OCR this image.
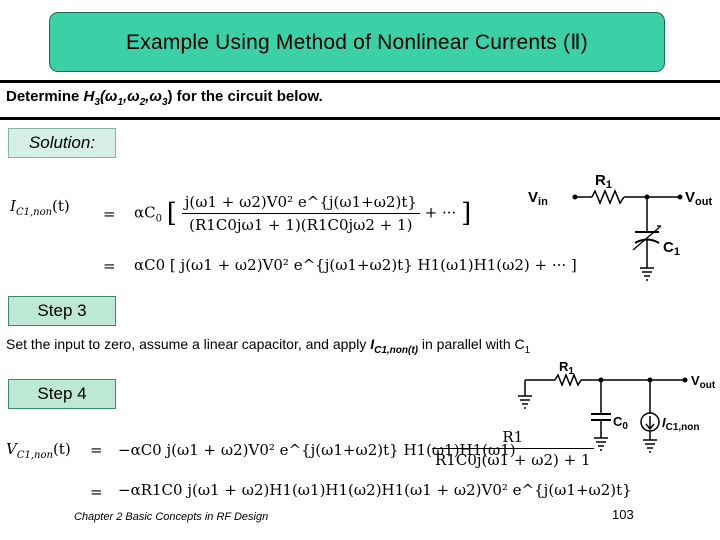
Example Using Method of Nonlinear Currents (Ⅱ)
Determine $H_3(\omega_1,\omega_2,\omega_3)$ for the circuit below.
Solution:
$I_{C1,non}(t) = \alpha C_0$ [ $\frac{\text{j(ω1 + ω2)V0² e\textasciicircum{}\{j(ω1+ω2)t\}}}{(R1C0j\omega 1 + 1)(R1C0j\omega 2 + 1)}$ + ··· ]
= αC0 [ j(ω1 + ω2)V0² e^{j(ω1+ω2)t} H1(ω1)H1(ω2) + ··· ]
$V_{in}$
$R_1$
$V_{out}$
$C_1$
Step 3
Set the input to zero, assume a linear capacitor, and apply $I_{C1,non(t)}$ in parallel with $C_1$
Step 4
$R_1$
$V_{out}$
$C_0$	$I_{C1,non}$
$V_{C1,non}(t) = -\alpha C0$ j(ω1 + ω2)V0² e^{j(ω1+ω2)t} H1(ω1)H1(ω1)
$\frac{R1}{R1C0j(\omega 1 + \omega 2) + 1}$
= −αR1C0 j(ω1 + ω2)H1(ω1)H1(ω2)H1(ω1 + ω2)V0² e^{j(ω1+ω2)t}
Chapter 2 Basic Concepts in RF Design	103
